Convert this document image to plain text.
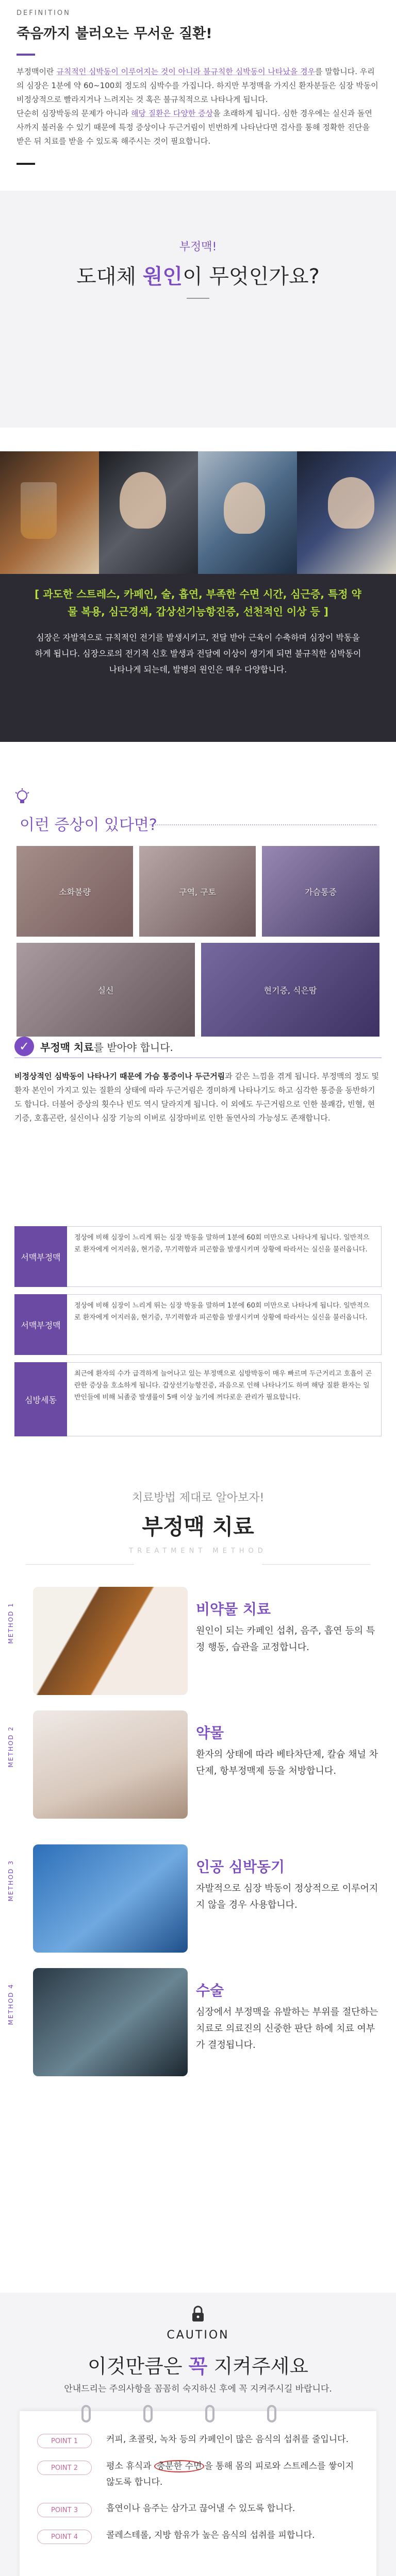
DEFINITION
죽음까지 불러오는 무서운 질환!

부정맥이란 규칙적인 심박동이 이루어지는 것이 아니라 불규칙한 심박동이 나타났을 경우를 말합니다. 우리의 심장은 1분에 약 60~100회 정도의 심박수를 가집니다. 하지만 부정맥을 가지신 환자분들은 심장 박동이 비정상적으로 빨라지거나 느려지는 것 혹은 불규칙적으로 나타나게 됩니다.

단순히 심장박동의 문제가 아니라 해당 질환은 다양한 증상을 초래하게 됩니다. 심한 경우에는 실신과 돌연사까지 불러올 수 있기 때문에 특정 증상이나 두근거림이 빈번하게 나타난다면 검사를 통해 정확한 진단을 받은 뒤 치료를 받을 수 있도록 해주시는 것이 필요합니다.

부정맥!
도대체 원인이 무엇인가요?
[ 과도한 스트레스, 카페인, 술, 흡연, 부족한 수면 시간, 심근증, 특정 약물 복용, 심근경색, 갑상선기능항진증, 선천적인 이상 등 ]
심장은 자발적으로 규칙적인 전기를 발생시키고, 전달 받아 근육이 수축하며 심장이 박동을 하게 됩니다. 심장으로의 전기적 신호 발생과 전달에 이상이 생기게 되면 불규칙한 심박동이 나타나게 되는데, 발병의 원인은 매우 다양합니다.
이런 증상이 있다면?
소화불량	구역, 구토	가슴통증
실신	현기증, 식은땀
✓	부정맥 치료를 받아야 합니다.

비정상적인 심박동이 나타나기 때문에 가슴 통증이나 두근거림과 같은 느낌을 겪게 됩니다. 부정맥의 정도 및 환자 본인이 가지고 있는 질환의 상태에 따라 두근거림은 경미하게 나타나기도 하고 심각한 통증을 동반하기도 합니다. 더불어 증상의 횟수나 빈도 역시 달라지게 됩니다. 이 외에도 두근거림으로 인한 불쾌감, 빈혈, 현기증, 호흡곤란, 실신이나 심장 기능의 이버로 심장마비로 인한 돌연사의 가능성도 존재합니다.

서맥부정맥
정상에 비해 심장이 느리게 뛰는 심장 박동을 말하며 1분에 60회 미만으로 나타나게 됩니다. 일반적으로 환자에게 어지러움, 현기증, 무기력함과 피곤함을 발생시키며 상황에 따라서는 실신을 불러옵니다.
서맥부정맥
정상에 비해 심장이 느리게 뛰는 심장 박동을 말하며 1분에 60회 미만으로 나타나게 됩니다. 일반적으로 환자에게 어지러움, 현기증, 무기력함과 피곤함을 발생시키며 상황에 따라서는 실신을 불러옵니다.
심방세동
최근에 환자의 수가 급격하게 늘어나고 있는 부정맥으로 심방박동이 매우 빠르며 두근거리고 호흡이 곤란한 증상을 호소하게 됩니다. 갑상선기능항진증, 과음으로 인해 나타나기도 하며 해당 질환 환자는 일반인들에 비해 뇌졸중 발생률이 5배 이상 높기에 꺼다로운 관리가 필요합니다.
치료방법 제대로 알아보자!
부정맥 치료
TREATMENT METHOD
METHOD 1	비약물 치료
원인이 되는 카페인 섭취, 음주, 흡연 등의 특정 행동, 습관을 교정합니다.
METHOD 2	약물
환자의 상태에 따라 베타차단제, 칼슘 채널 차단제, 항부정맥제 등을 처방합니다.
METHOD 3	인공 심박동기
자발적으로 심장 박동이 정상적으로 이루어지지 않을 경우 사용합니다.
METHOD 4	수술
심장에서 부정맥을 유발하는 부위를 절단하는 치료로 의료진의 신중한 판단 하에 치료 여부가 결정됩니다.
CAUTION
이것만큼은 꼭 지켜주세요
안내드리는 주의사항을 꼼꼼히 숙지하신 후에 꼭 지켜주시길 바랍니다.
POINT 1	커피, 초콜릿, 녹차 등의 카페인이 많은 음식의 섭취를 줄입니다.
POINT 2	평소 휴식과 충분한 수면 을 통해 몸의 피로와 스트레스를 쌓이지 않도록 합니다.
POINT 3	흡연이나 음주는 삼가고 끊어낼 수 있도록 합니다.
POINT 4	콜레스테롤, 지방 함유가 높은 음식의 섭취를 피합니다.
